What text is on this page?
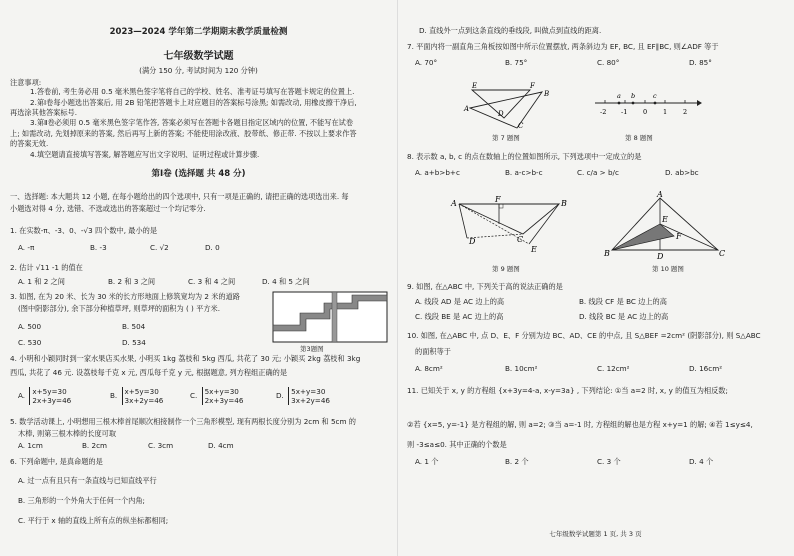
2023—2024 学年第二学期期末教学质量检测
七年级数学试题
(满分 150 分, 考试时间为 120 分钟)
注意事项:
1.答卷前, 考生务必用 0.5 毫米黑色签字笔将自己的学校、姓名、准考证号填写在答题卡规定的位置上.
2.第Ⅰ卷每小题选出答案后, 用 2B 铅笔把答题卡上对应题目的答案标号涂黑; 如需改动, 用橡皮擦干净后,
再选涂其他答案标号.
3.第Ⅱ卷必须用 0.5 毫米黑色签字笔作答, 答案必须写在答题卡各题目指定区域内的位置, 不能写在试卷
上; 如需改动, 先划掉原来的答案, 然后再写上新的答案; 不能使用涂改液、胶带纸、修正带. 不按以上要求作答
的答案无效.
4.填空题请直接填写答案, 解答题应写出文字说明、证明过程或计算步骤.
第Ⅰ卷 (选择题 共 48 分)
一、选择题: 本大题共 12 小题, 在每小题给出的四个选项中, 只有一项是正确的, 请把正确的选项选出来. 每
小题选对得 4 分, 选错、不选或选出的答案超过一个均记零分.
1. 在实数-π、-3、0、-√3 四个数中, 最小的是
A. -π	B. -3	C. √2	D. 0
2. 估计 √11 -1 的值在
A. 1 和 2 之间	B. 2 和 3 之间	C. 3 和 4 之间	D. 4 和 5 之间
3. 如图, 在为 20 米、长为 30 米的长方形地面上修筑宽均为 2 米的道路
(图中阴影部分), 余下部分种植草坪, 则草坪的面积为 ( ) 平方米.
A. 500	B. 504
C. 530	D. 534
第3题图
4. 小明和小颖同时到一家水果店买水果, 小明买 1kg 荔枝和 5kg 西瓜, 共花了 30 元; 小颖买 2kg 荔枝和 3kg
西瓜, 共花了 46 元. 设荔枝每千克 x 元, 西瓜每千克 y 元, 根据题意, 列方程组正确的是
A. x+5y=30
2x+3y=46
B. x+5y=30
3x+2y=46
C. 5x+y=30
2x+3y=46
D. 5x+y=30
3x+2y=46
5. 数学活动课上, 小明想用三根木棒首尾顺次相接制作一个三角形模型, 现有两根长度分别为 2cm 和 5cm 的
木棒, 则第三根木棒的长度可取
A. 1cm	B. 2cm	C. 3cm	D. 4cm
6. 下列命题中, 是真命题的是
A. 过一点有且只有一条直线与已知直线平行
B. 三角形的一个外角大于任何一个内角;
C. 平行于 x 轴的直线上所有点的纵坐标都相同;
D. 直线外一点到这条直线的垂线段, 叫做点到直线的距离.
7. 平面内将一副直角三角板按如图中所示位置摆放, 两条斜边为 EF, BC, 且 EF∥BC, 则∠ADF 等于
A. 70°	B. 75°	C. 80°	D. 85°
A
E	F
D
B
C
第 7 题图
a b	c
-2 -1 0 1 2
第 8 题图
8. 表示数 a, b, c 的点在数轴上的位置如图所示, 下列选项中一定成立的是
A. a+b>b+c	B. a-c>b-c	C. c/a > b/c	D. ab>bc
A	F	B
D	C
E
第 9 题图
A
E
F
B	D	C
第 10 题图
9. 如图, 在△ABC 中, 下列关于高的说法正确的是
A. 线段 AD 是 AC 边上的高	B. 线段 CF 是 BC 边上的高
C. 线段 BE 是 AC 边上的高	D. 线段 BC 是 AC 边上的高
10. 如图, 在△ABC 中, 点 D、E、F 分别为边 BC、AD、CE 的中点, 且 S△BEF =2cm² (阴影部分), 则 S△ABC
的面积等于
A. 8cm²	B. 10cm²	C. 12cm²	D. 16cm²
11. 已知关于 x, y 的方程组 {x+3y=4-a, x-y=3a} , 下列结论: ①当 a=2 时, x, y 的值互为相反数;
②若 {x=5, y=-1} 是方程组的解, 则 a=2; ③当 a=-1 时, 方程组的解也是方程 x+y=1 的解; ④若 1≤y≤4,
则 -3≤a≤0. 其中正确的个数是
A. 1 个	B. 2 个	C. 3 个	D. 4 个
七年级数学试题第 1 页, 共 3 页
